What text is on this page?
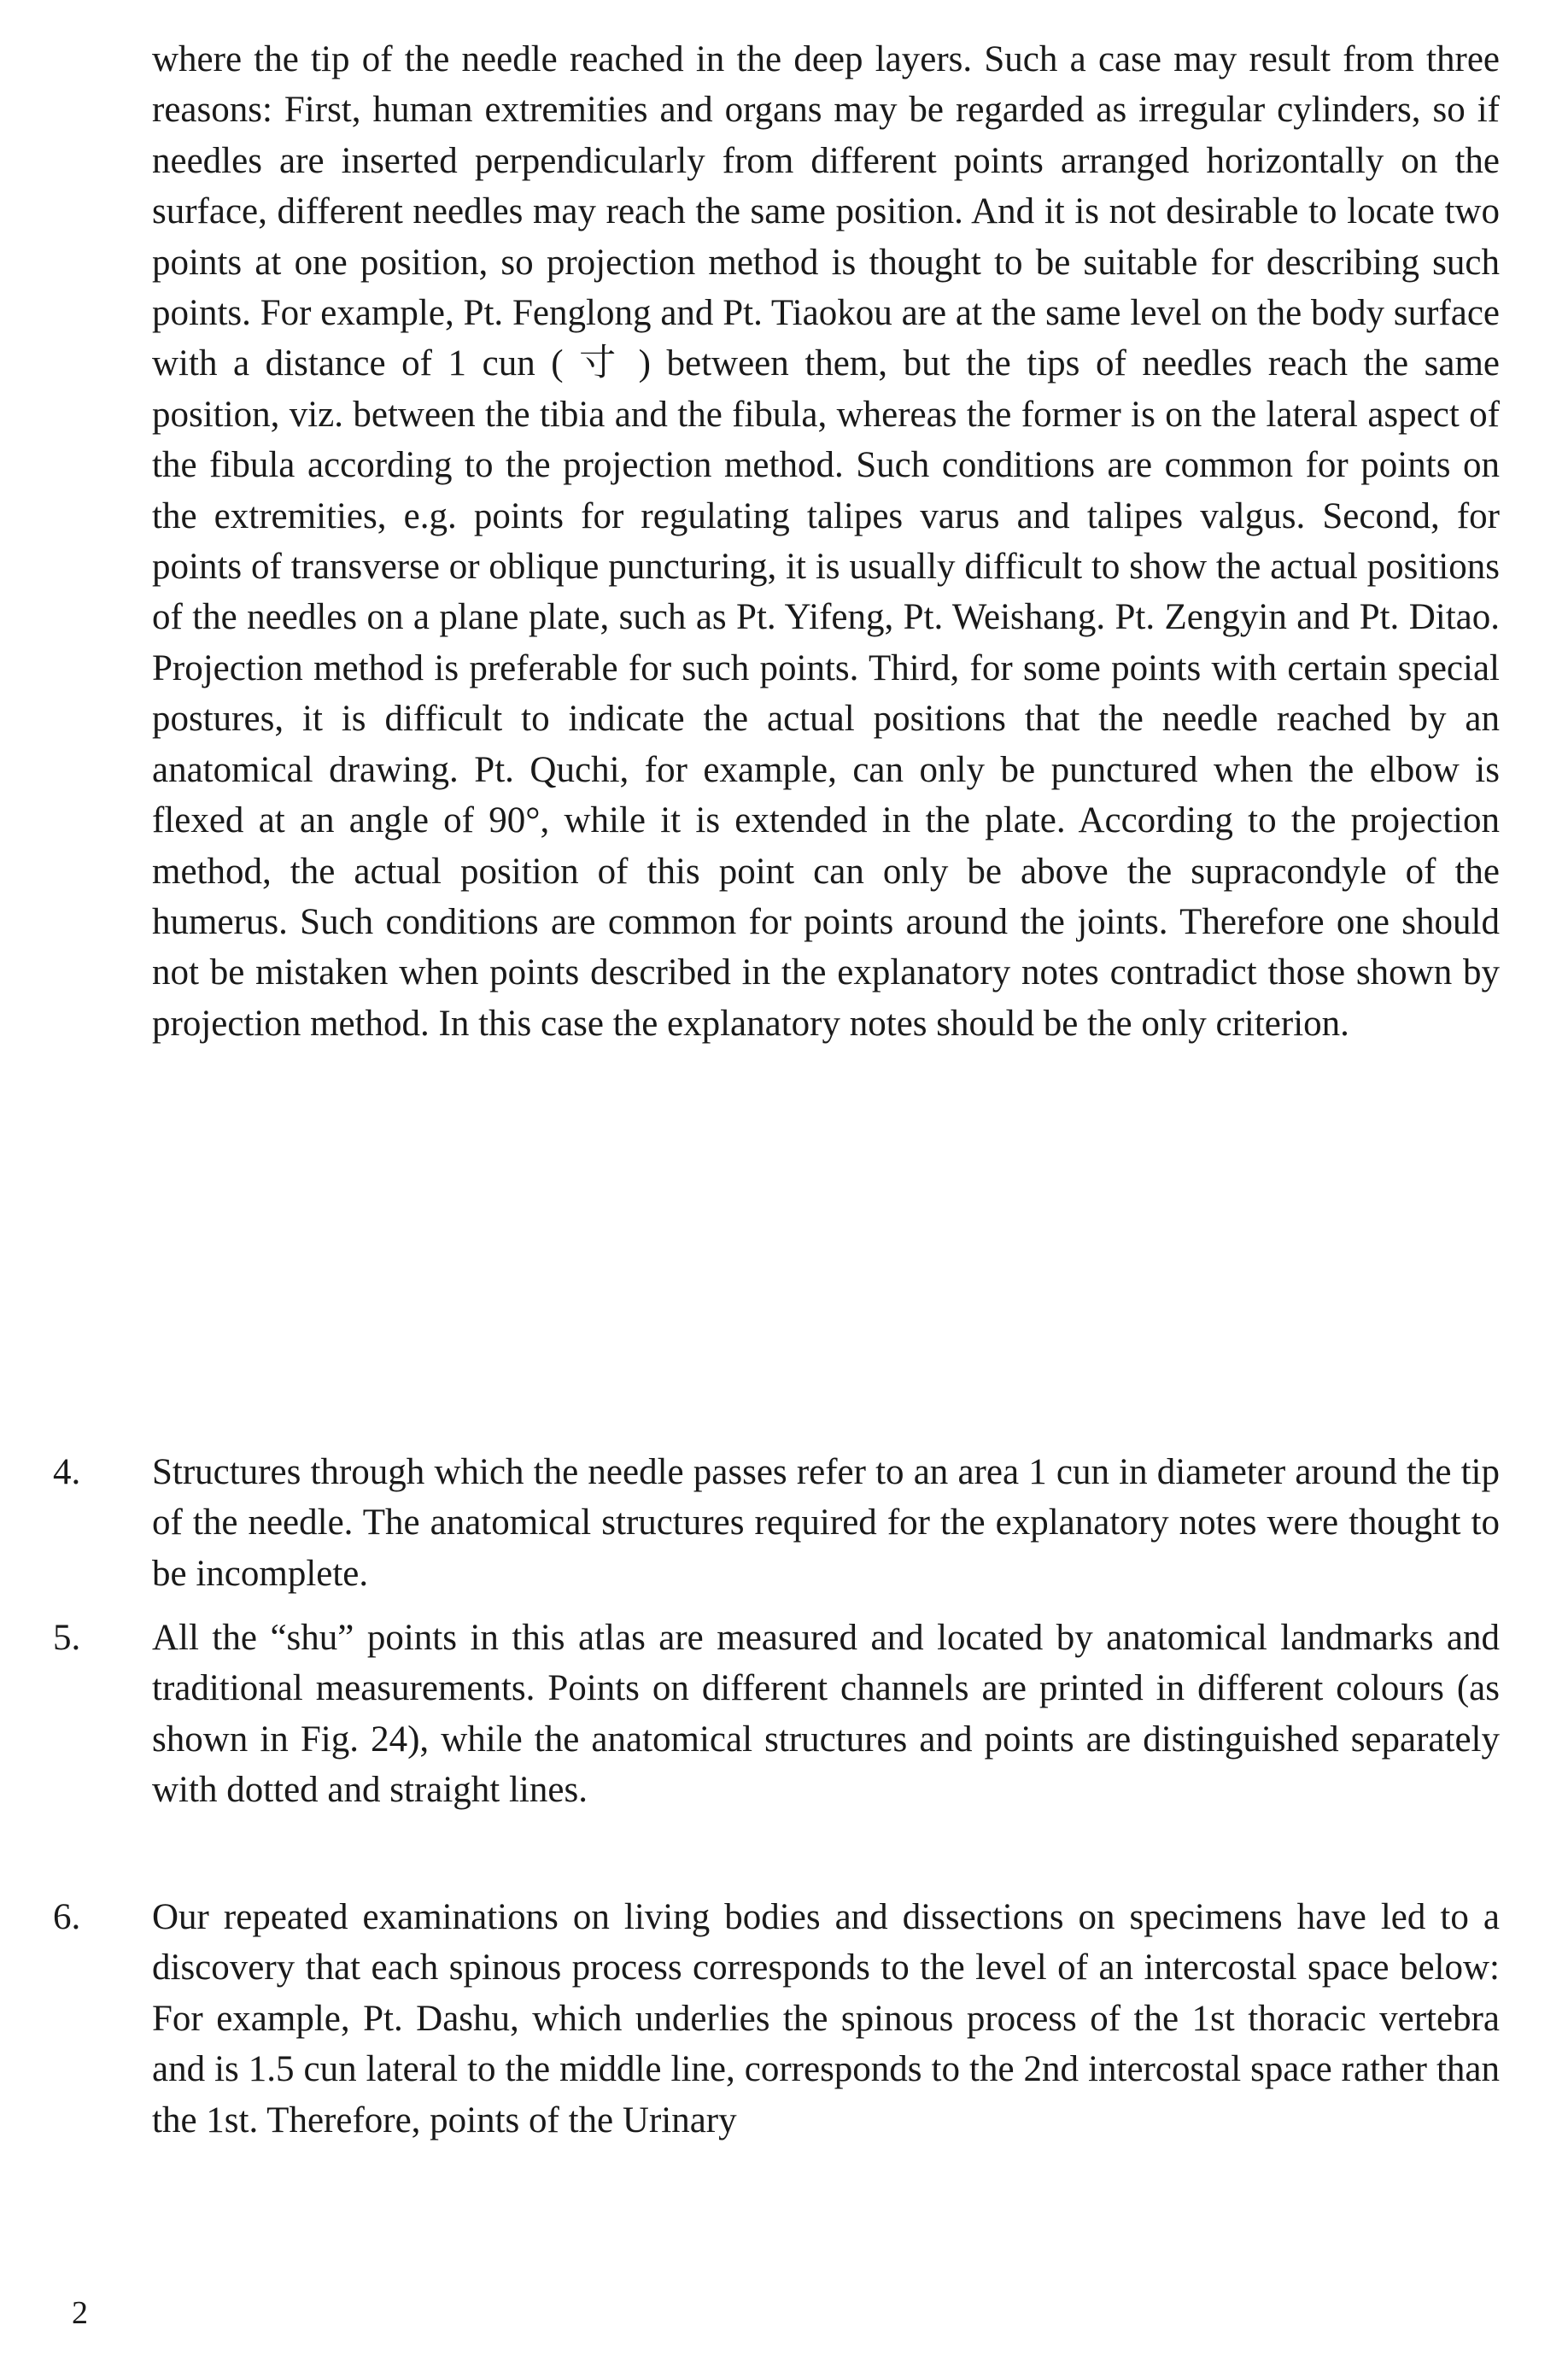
where the tip of the needle reached in the deep layers. Such a case may result from three reasons: First, human extremities and organs may be regarded as irregular cylinders, so if needles are inserted perpendicularly from different points arranged horizontally on the surface, different needles may reach the same position. And it is not desirable to locate two points at one position, so projection method is thought to be suitable for describing such points. For example, Pt. Fenglong and Pt. Tiaokou are at the same level on the body surface with a distance of 1 cun ( 寸 ) between them, but the tips of needles reach the same position, viz. between the tibia and the fibula, whereas the former is on the lateral aspect of the fibula according to the projection method. Such conditions are common for points on the extremities, e.g. points for regulating talipes varus and talipes valgus. Second, for points of transverse or oblique puncturing, it is usually difficult to show the actual positions of the needles on a plane plate, such as Pt. Yifeng, Pt. Weishang. Pt. Zengyin and Pt. Ditao. Projection method is preferable for such points. Third, for some points with certain special postures, it is difficult to indicate the actual positions that the needle reached by an anatomical drawing. Pt. Quchi, for example, can only be punctured when the elbow is flexed at an angle of 90°, while it is extended in the plate. According to the projection method, the actual position of this point can only be above the supracondyle of the humerus. Such conditions are common for points around the joints. Therefore one should not be mistaken when points described in the explanatory notes contradict those shown by projection method. In this case the explanatory notes should be the only criterion.

4.	Structures through which the needle passes refer to an area 1 cun in diameter around the tip of the needle. The anatomical structures required for the explanatory notes were thought to be incomplete.
5.	All the “shu” points in this atlas are measured and located by anatomical landmarks and traditional measurements. Points on different channels are printed in different colours (as shown in Fig. 24), while the anatomical structures and points are distinguished separately with dotted and straight lines.
6.	Our repeated examinations on living bodies and dissections on specimens have led to a discovery that each spinous process corresponds to the level of an intercostal space below: For example, Pt. Dashu, which underlies the spinous process of the 1st thoracic vertebra and is 1.5 cun lateral to the middle line, corresponds to the 2nd intercostal space rather than the 1st. Therefore, points of the Urinary

2
